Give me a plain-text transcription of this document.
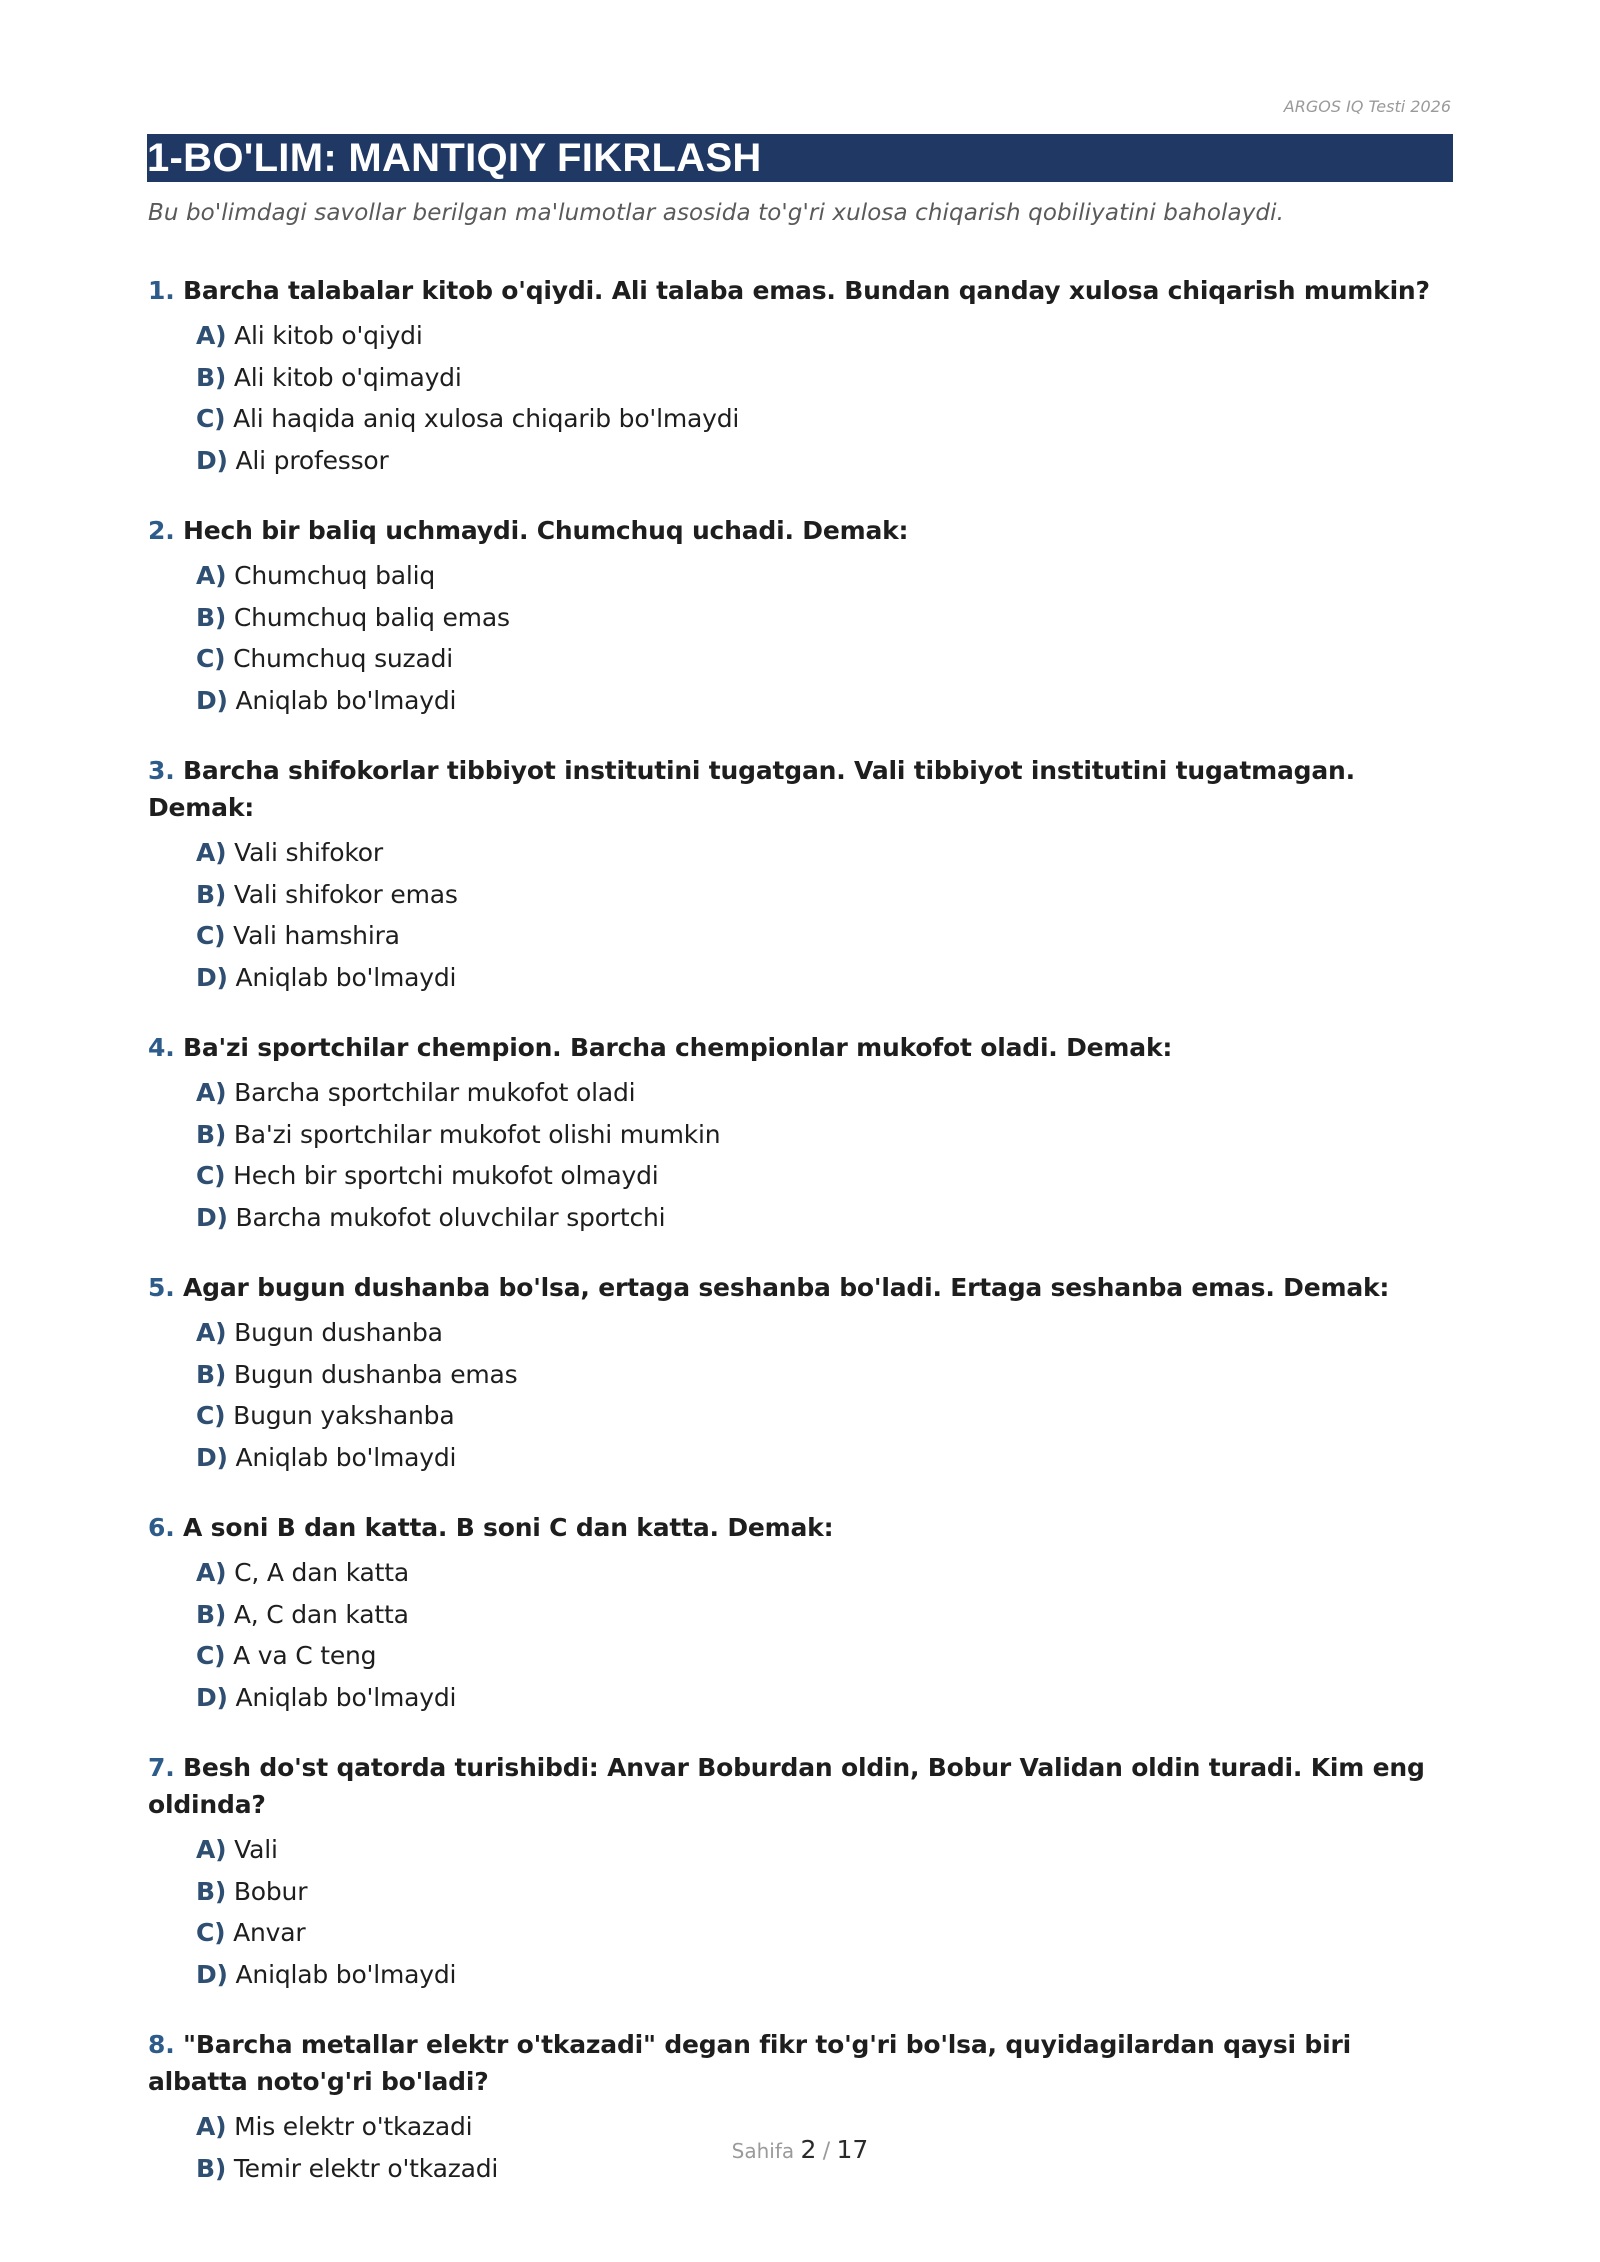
ARGOS IQ Testi 2026
1-BO'LIM: MANTIQIY FIKRLASH
Bu bo'limdagi savollar berilgan ma'lumotlar asosida to'g'ri xulosa chiqarish qobiliyatini baholaydi.
1. Barcha talabalar kitob o'qiydi. Ali talaba emas. Bundan qanday xulosa chiqarish mumkin?
A) Ali kitob o'qiydi
B) Ali kitob o'qimaydi
C) Ali haqida aniq xulosa chiqarib bo'lmaydi
D) Ali professor
2. Hech bir baliq uchmaydi. Chumchuq uchadi. Demak:
A) Chumchuq baliq
B) Chumchuq baliq emas
C) Chumchuq suzadi
D) Aniqlab bo'lmaydi
3. Barcha shifokorlar tibbiyot institutini tugatgan. Vali tibbiyot institutini tugatmagan. Demak:
A) Vali shifokor
B) Vali shifokor emas
C) Vali hamshira
D) Aniqlab bo'lmaydi
4. Ba'zi sportchilar chempion. Barcha chempionlar mukofot oladi. Demak:
A) Barcha sportchilar mukofot oladi
B) Ba'zi sportchilar mukofot olishi mumkin
C) Hech bir sportchi mukofot olmaydi
D) Barcha mukofot oluvchilar sportchi
5. Agar bugun dushanba bo'lsa, ertaga seshanba bo'ladi. Ertaga seshanba emas. Demak:
A) Bugun dushanba
B) Bugun dushanba emas
C) Bugun yakshanba
D) Aniqlab bo'lmaydi
6. A soni B dan katta. B soni C dan katta. Demak:
A) C, A dan katta
B) A, C dan katta
C) A va C teng
D) Aniqlab bo'lmaydi
7. Besh do'st qatorda turishibdi: Anvar Boburdan oldin, Bobur Validan oldin turadi. Kim eng oldinda?
A) Vali
B) Bobur
C) Anvar
D) Aniqlab bo'lmaydi
8. "Barcha metallar elektr o'tkazadi" degan fikr to'g'ri bo'lsa, quyidagilardan qaysi biri albatta noto'g'ri bo'ladi?
A) Mis elektr o'tkazadi
B) Temir elektr o'tkazadi
Sahifa 2 / 17
